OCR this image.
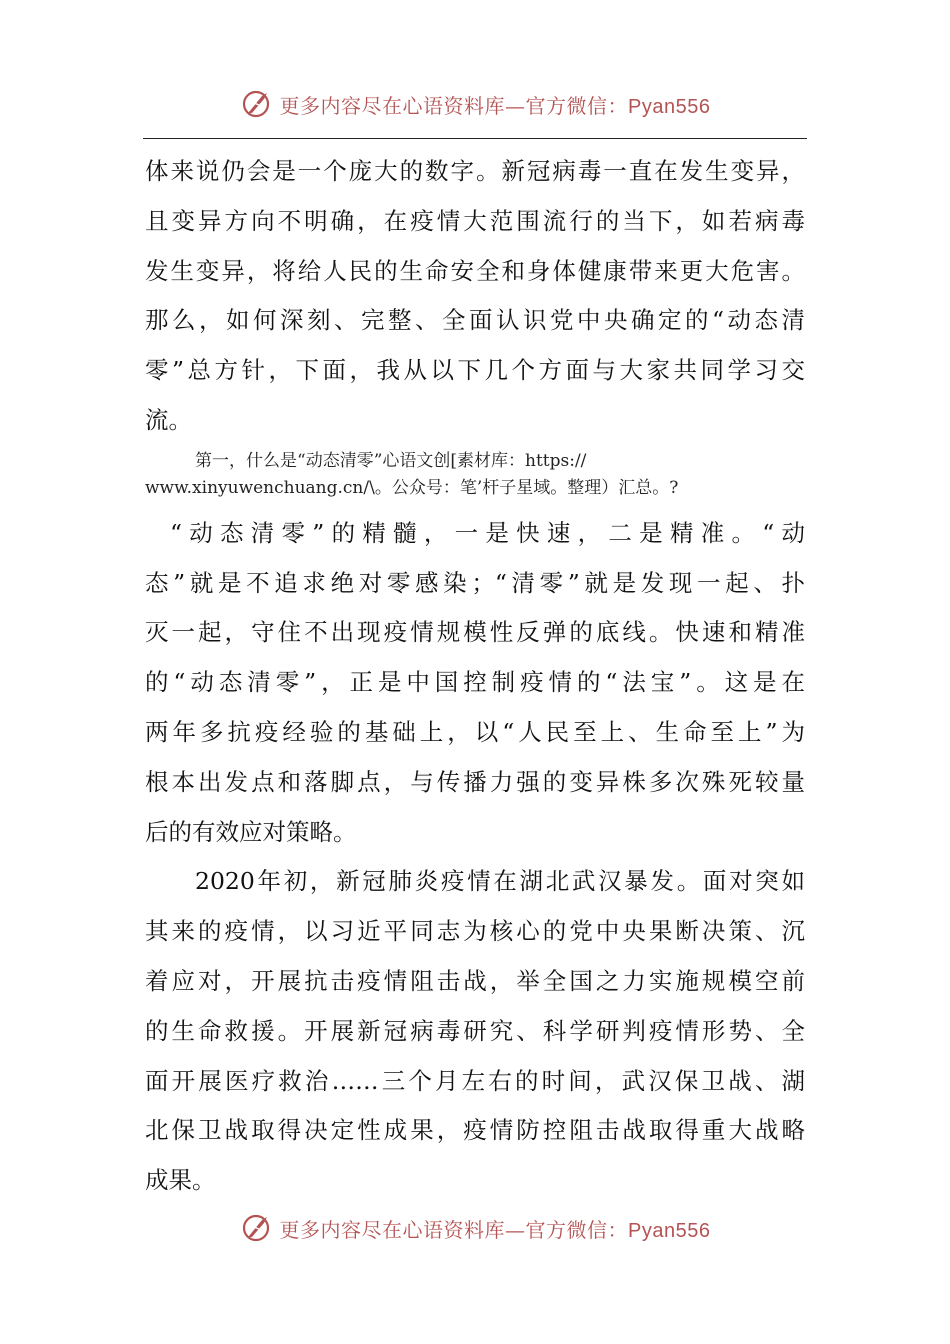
更多内容尽在心语资料库—官方微信：Pyan556
体来说仍会是一个庞大的数字。新冠病毒一直在发生变异，
且变异方向不明确，在疫情大范围流行的当下，如若病毒
发生变异，将给人民的生命安全和身体健康带来更大危害。
那么，如何深刻、完整、全面认识党中央确定的“动态清
零”总方针，下面，我从以下几个方面与大家共同学习交
流。
第一，什么是“动态清零”心语文创[素材库：https://
www.xinyuwenchuang.cn/\。公众号：笔’杆子星域。整理）汇总。?
“动态清零”的精髓，一是快速，二是精准。“动
态”就是不追求绝对零感染；“清零”就是发现一起、扑
灭一起，守住不出现疫情规模性反弹的底线。快速和精准
的“动态清零”，正是中国控制疫情的“法宝”。这是在
两年多抗疫经验的基础上，以“人民至上、生命至上”为
根本出发点和落脚点，与传播力强的变异株多次殊死较量
后的有效应对策略。
2020年初，新冠肺炎疫情在湖北武汉暴发。面对突如
其来的疫情，以习近平同志为核心的党中央果断决策、沉
着应对，开展抗击疫情阻击战，举全国之力实施规模空前
的生命救援。开展新冠病毒研究、科学研判疫情形势、全
面开展医疗救治……三个月左右的时间，武汉保卫战、湖
北保卫战取得决定性成果，疫情防控阻击战取得重大战略
成果。
更多内容尽在心语资料库—官方微信：Pyan556
